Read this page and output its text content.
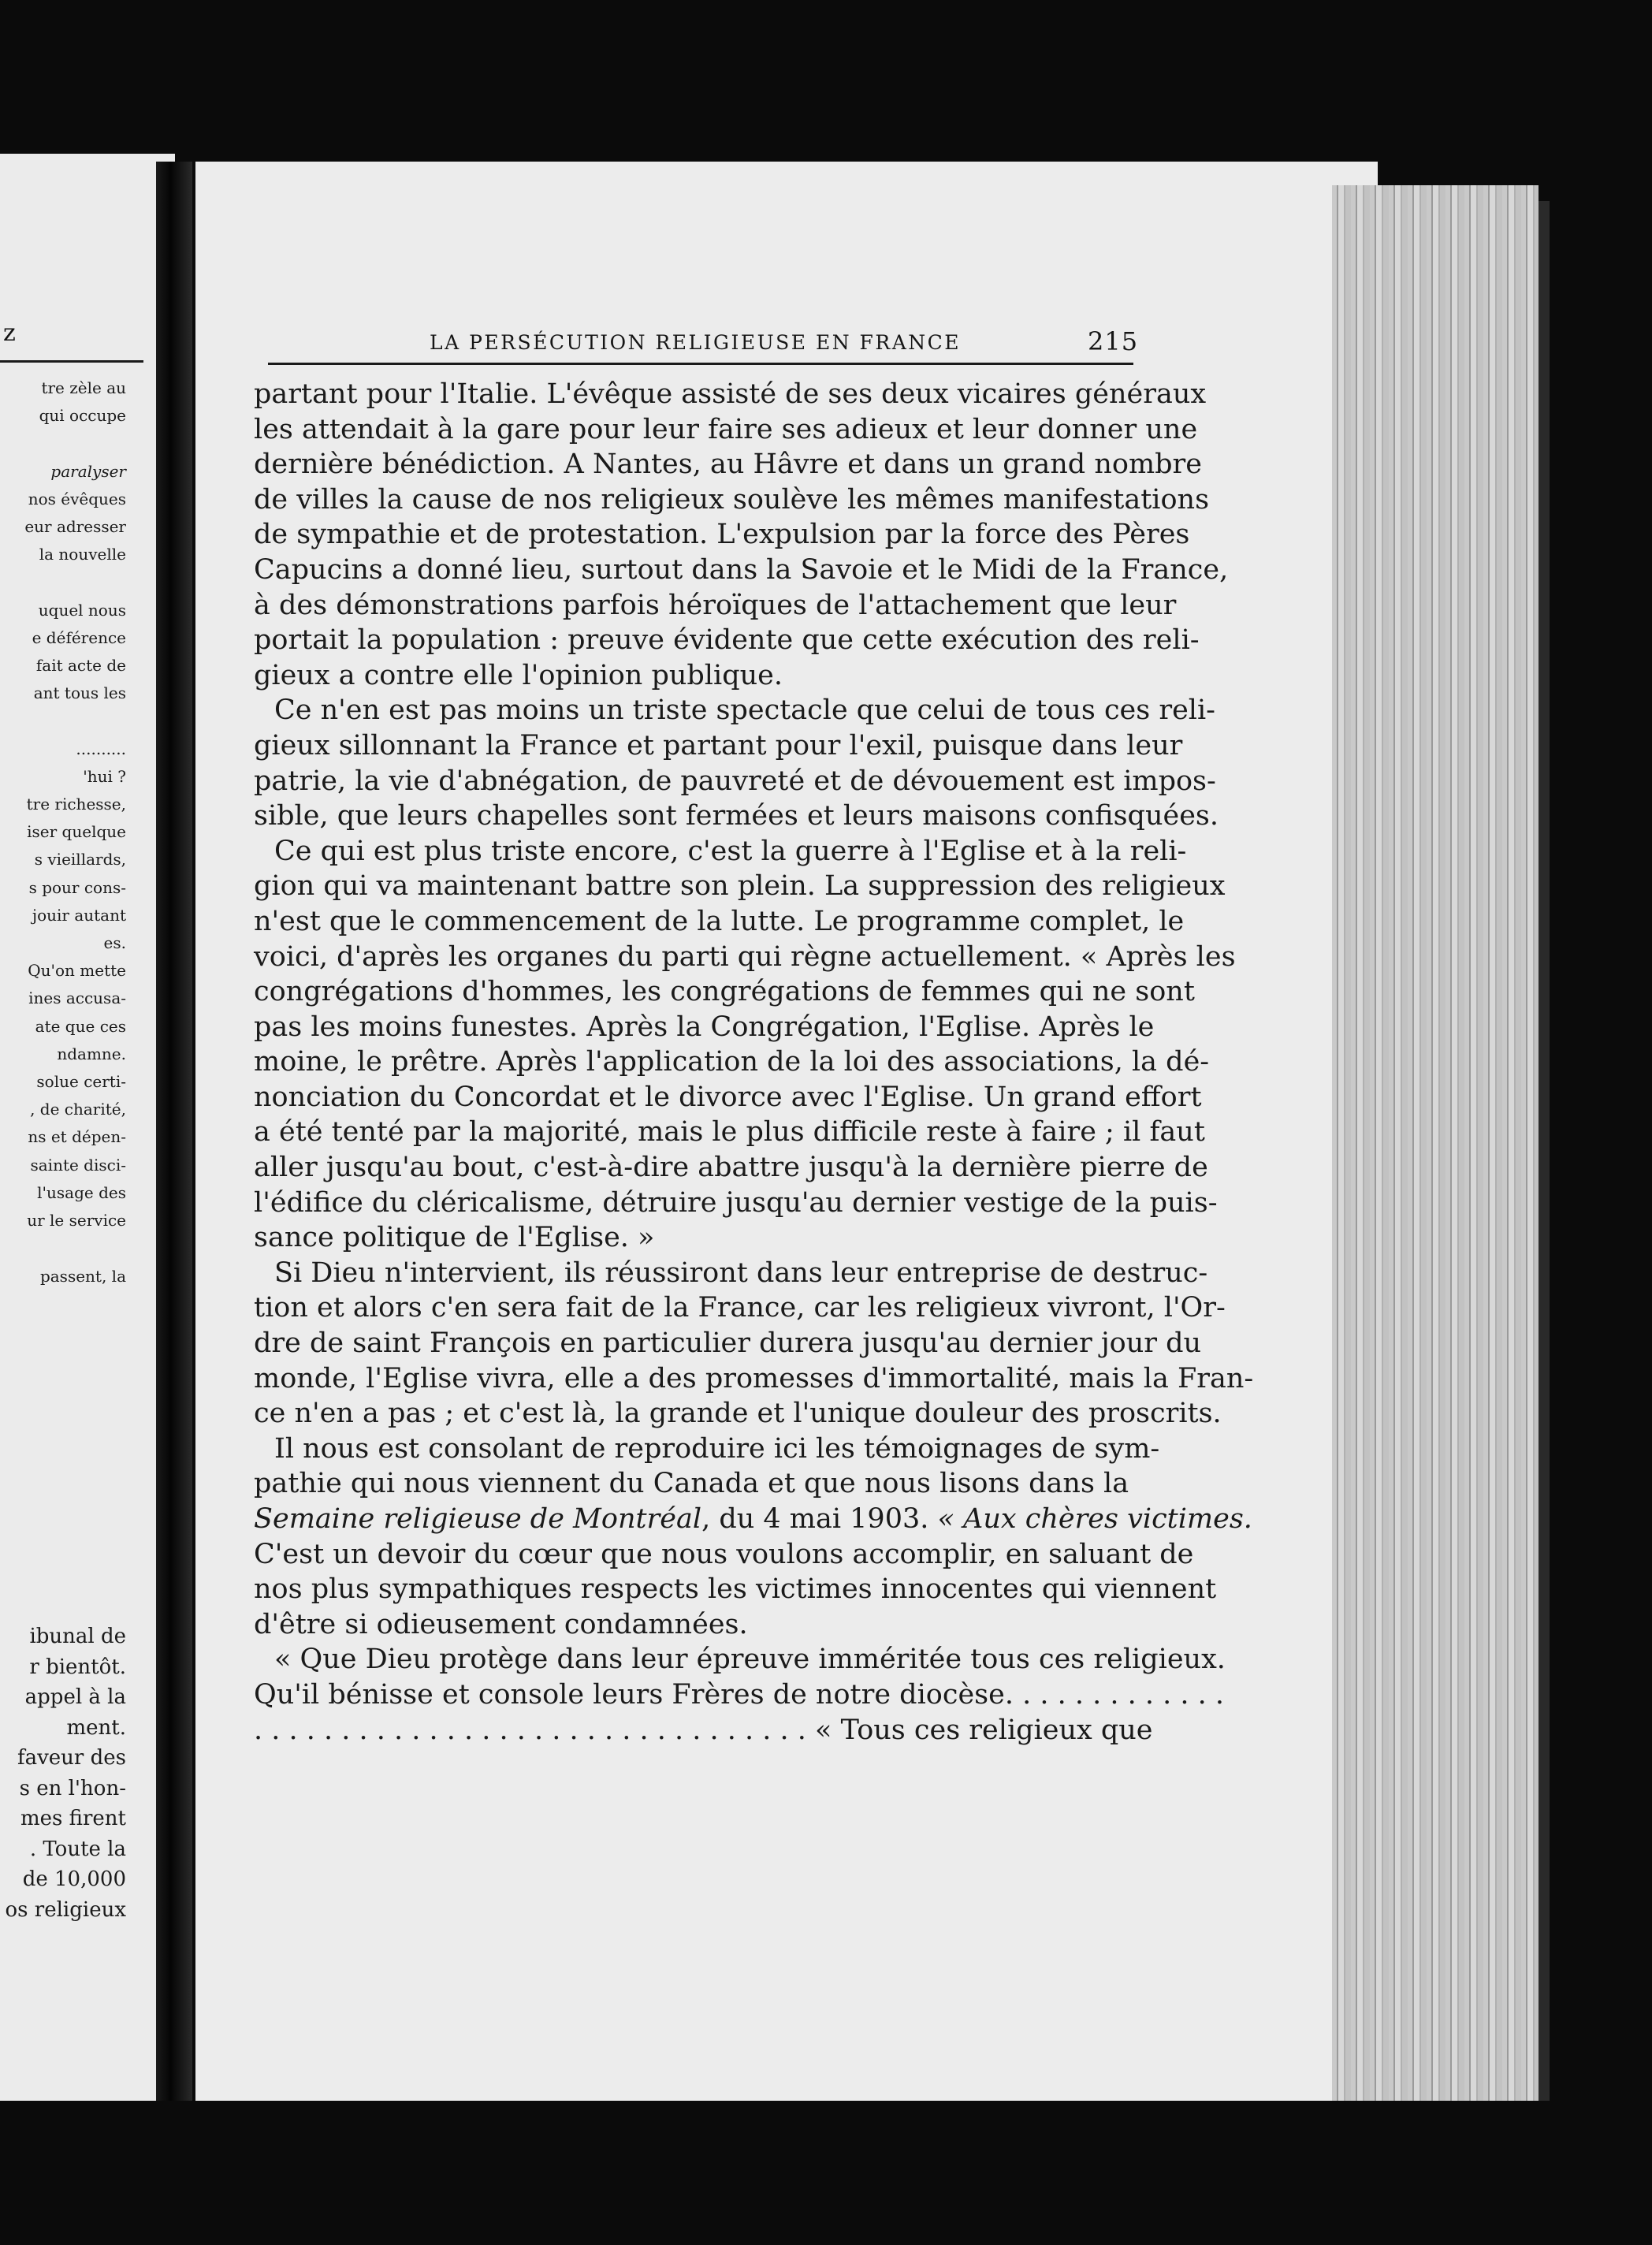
z
tre zèle au
qui occupe

paralyser
nos évêques
eur adresser
la nouvelle

uquel nous
e déférence
fait acte de
ant tous les

..........
'hui ?
tre richesse,
iser quelque
s vieillards,
s pour cons-
jouir autant
es.
Qu'on mette
ines accusa-
ate que ces
ndamne.
solue certi-
, de charité,
ns et dépen-
sainte disci-
l'usage des
ur le service

passent, la
ibunal de
r bientôt.
appel à la
ment.
faveur des
s en l'hon-
mes firent
. Toute la
de 10,000
os religieux
LA PERSÉCUTION RELIGIEUSE EN FRANCE	215
partant pour l'Italie. L'évêque assisté de ses deux vicaires généraux
les attendait à la gare pour leur faire ses adieux et leur donner une
dernière bénédiction. A Nantes, au Hâvre et dans un grand nombre
de villes la cause de nos religieux soulève les mêmes manifestations
de sympathie et de protestation. L'expulsion par la force des Pères
Capucins a donné lieu, surtout dans la Savoie et le Midi de la France,
à des démonstrations parfois héroïques de l'attachement que leur
portait la population : preuve évidente que cette exécution des reli-
gieux a contre elle l'opinion publique.
Ce n'en est pas moins un triste spectacle que celui de tous ces reli-
gieux sillonnant la France et partant pour l'exil, puisque dans leur
patrie, la vie d'abnégation, de pauvreté et de dévouement est impos-
sible, que leurs chapelles sont fermées et leurs maisons confisquées.
Ce qui est plus triste encore, c'est la guerre à l'Eglise et à la reli-
gion qui va maintenant battre son plein. La suppression des religieux
n'est que le commencement de la lutte. Le programme complet, le
voici, d'après les organes du parti qui règne actuellement. « Après les
congrégations d'hommes, les congrégations de femmes qui ne sont
pas les moins funestes. Après la Congrégation, l'Eglise. Après le
moine, le prêtre. Après l'application de la loi des associations, la dé-
nonciation du Concordat et le divorce avec l'Eglise. Un grand effort
a été tenté par la majorité, mais le plus difficile reste à faire ; il faut
aller jusqu'au bout, c'est-à-dire abattre jusqu'à la dernière pierre de
l'édifice du cléricalisme, détruire jusqu'au dernier vestige de la puis-
sance politique de l'Eglise. »
Si Dieu n'intervient, ils réussiront dans leur entreprise de destruc-
tion et alors c'en sera fait de la France, car les religieux vivront, l'Or-
dre de saint François en particulier durera jusqu'au dernier jour du
monde, l'Eglise vivra, elle a des promesses d'immortalité, mais la Fran-
ce n'en a pas ; et c'est là, la grande et l'unique douleur des proscrits.
Il nous est consolant de reproduire ici les témoignages de sym-
pathie qui nous viennent du Canada et que nous lisons dans la
Semaine religieuse de Montréal, du 4 mai 1903. « Aux chères victimes.
C'est un devoir du cœur que nous voulons accomplir, en saluant de
nos plus sympathiques respects les victimes innocentes qui viennent
d'être si odieusement condamnées.
« Que Dieu protège dans leur épreuve imméritée tous ces religieux.
Qu'il bénisse et console leurs Frères de notre diocèse. . . . . . . . . . . . .
. . . . . . . . . . . . . . . . . . . . . . . . . . . . . . . . « Tous ces religieux que
